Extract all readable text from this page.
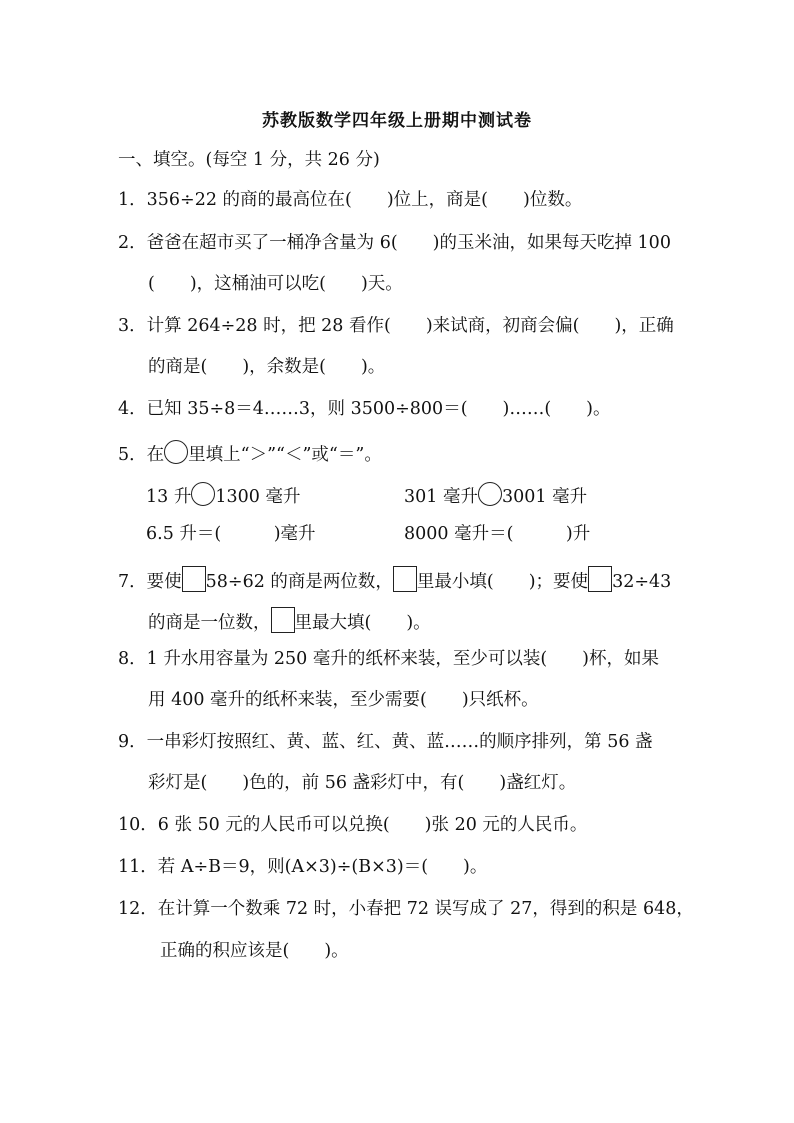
苏教版数学四年级上册期中测试卷
一、填空。(每空 1 分，共 26 分)
1．356÷22 的商的最高位在(　　)位上，商是(　　)位数。
2．爸爸在超市买了一桶净含量为 6(　　)的玉米油，如果每天吃掉 100
(　　)，这桶油可以吃(　　)天。
3．计算 264÷28 时，把 28 看作(　　)来试商，初商会偏(　　)，正确
的商是(　　)，余数是(　　)。
4．已知 35÷8＝4……3，则 3500÷800＝(　　)……(　　)。
5．在 里填上“＞”“＜”或“＝”。
13 升 1300 毫升	301 毫升 3001 毫升
6.5 升＝(　　　)毫升	8000 毫升＝(　　　)升
7．要使 58÷62 的商是两位数， 里最小填(　　)；要使 32÷43
的商是一位数， 里最大填(　　)。
8．1 升水用容量为 250 毫升的纸杯来装，至少可以装(　　)杯，如果
用 400 毫升的纸杯来装，至少需要(　　)只纸杯。
9．一串彩灯按照红、黄、蓝、红、黄、蓝……的顺序排列，第 56 盏
彩灯是(　　)色的，前 56 盏彩灯中，有(　　)盏红灯。
10．6 张 50 元的人民币可以兑换(　　)张 20 元的人民币。
11．若 A÷B＝9，则(A×3)÷(B×3)＝(　　)。
12．在计算一个数乘 72 时，小春把 72 误写成了 27，得到的积是 648，
正确的积应该是(　　)。
